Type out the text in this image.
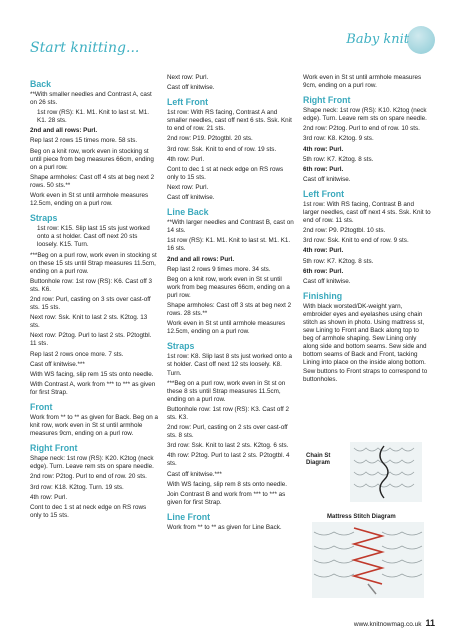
Start knitting...
Baby knit
Back

**With smaller needles and Contrast A, cast on 26 sts.

1st row (RS): K1. M1. Knit to last st. M1. K1. 28 sts.

2nd and all rows: Purl.

Rep last 2 rows 15 times more. 58 sts.

Beg on a knit row, work even in stocking st until piece from beg measures 66cm, ending on a purl row.

Shape armholes: Cast off 4 sts at beg next 2 rows. 50 sts.**

Work even in St st until armhole measures 12.5cm, ending on a purl row.

Straps

1st row: K15. Slip last 15 sts just worked onto a st holder. Cast off next 20 sts loosely. K15. Turn.

***Beg on a purl row, work even in stocking st on these 15 sts until Strap measures 11.5cm, ending on a purl row.

Buttonhole row: 1st row (RS): K6. Cast off 3 sts. K6.

2nd row: Purl, casting on 3 sts over cast-off sts. 15 sts.

Next row: Ssk. Knit to last 2 sts. K2tog. 13 sts.

Next row: P2tog. Purl to last 2 sts. P2togtbl. 11 sts.

Rep last 2 rows once more. 7 sts.

Cast off knitwise.***

With WS facing, slip rem 15 sts onto needle.

With Contrast A, work from *** to *** as given for first Strap.

Front

Work from ** to ** as given for Back. Beg on a knit row, work even in St st until armhole measures 9cm, ending on a purl row.

Right Front

Shape neck: 1st row (RS): K20. K2tog (neck edge). Turn. Leave rem sts on spare needle.

2nd row: P2tog. Purl to end of row. 20 sts.

3rd row: K18. K2tog. Turn. 19 sts.

4th row: Purl.

Cont to dec 1 st at neck edge on RS rows only to 15 sts.

Next row: Purl.

Cast off knitwise.

Left Front

1st row: With RS facing, Contrast A and smaller needles, cast off next 6 sts. Ssk. Knit to end of row. 21 sts.

2nd row: P19. P2togtbl. 20 sts.

3rd row: Ssk. Knit to end of row. 19 sts.

4th row: Purl.

Cont to dec 1 st at neck edge on RS rows only to 15 sts.

Next row: Purl.

Cast off knitwise.

Line Back

**With larger needles and Contrast B, cast on 14 sts.

1st row (RS): K1. M1. Knit to last st. M1. K1. 16 sts.

2nd and all rows: Purl.

Rep last 2 rows 9 times more. 34 sts.

Beg on a knit row, work even in St st until work from beg measures 66cm, ending on a purl row.

Shape armholes: Cast off 3 sts at beg next 2 rows. 28 sts.**

Work even in St st until armhole measures 12.5cm, ending on a purl row.

Straps

1st row: K8. Slip last 8 sts just worked onto a st holder. Cast off next 12 sts loosely. K8. Turn.

***Beg on a purl row, work even in St st on these 8 sts until Strap measures 11.5cm, ending on a purl row.

Buttonhole row: 1st row (RS): K3. Cast off 2 sts. K3.

2nd row: Purl, casting on 2 sts over cast-off sts. 8 sts.

3rd row: Ssk. Knit to last 2 sts. K2tog. 6 sts.

4th row: P2tog. Purl to last 2 sts. P2togtbl. 4 sts.

Cast off knitwise.***

With WS facing, slip rem 8 sts onto needle.

Join Contrast B and work from *** to *** as given for first Strap.

Line Front

Work from ** to ** as given for Line Back.

Work even in St st until armhole measures 9cm, ending on a purl row.

Right Front

Shape neck: 1st row (RS): K10. K2tog (neck edge). Turn. Leave rem sts on spare needle.

2nd row: P2tog. Purl to end of row. 10 sts.

3rd row: K8. K2tog. 9 sts.

4th row: Purl.

5th row: K7. K2tog. 8 sts.

6th row: Purl.

Cast off knitwise.

Left Front

1st row: With RS facing, Contrast B and larger needles, cast off next 4 sts. Ssk. Knit to end of row. 11 sts.

2nd row: P9. P2togtbl. 10 sts.

3rd row: Ssk. Knit to end of row. 9 sts.

4th row: Purl.

5th row: K7. K2tog. 8 sts.

6th row: Purl.

Cast off knitwise.

Finishing

With black worsted/DK-weight yarn, embroider eyes and eyelashes using chain stitch as shown in photo. Using mattress st, sew Lining to Front and Back along top to beg of armhole shaping. Sew Lining only along side and bottom seams. Sew side and bottom seams of Back and Front, tacking Lining into place on the inside along bottom. Sew buttons to Front straps to correspond to buttonholes.

Chain St Diagram
Mattress Stitch Diagram
www.knitnowmag.co.uk 11
